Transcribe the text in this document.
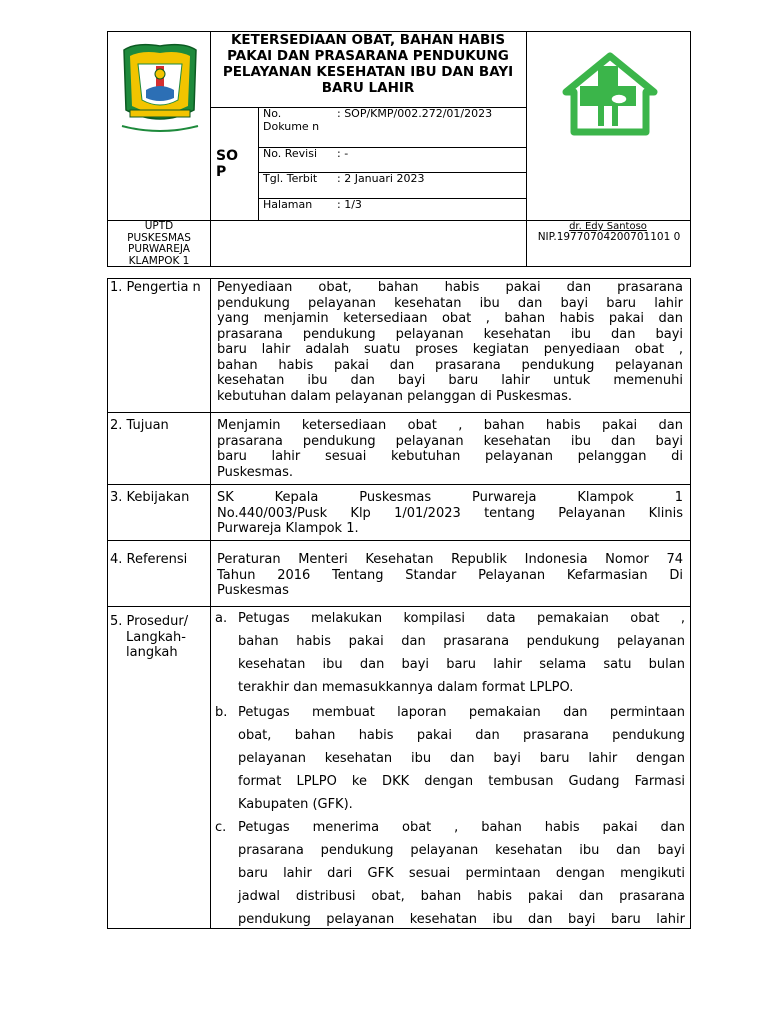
KETERSEDIAAN OBAT, BAHAN HABIS PAKAI DAN PRASARANA PENDUKUNG PELAYANAN KESEHATAN IBU DAN BAYI BARU LAHIR
SO P
No. Dokume n
: SOP/KMP/002.272/01/2023
No. Revisi	: -
Tgl. Terbit	: 2 Januari 2023
Halaman	: 1/3
UPTD PUSKESMAS PURWAREJA KLAMPOK 1
dr. Edy Santoso
NIP.19770704200701101 0
1. Pengertia n Penyediaan obat, bahan habis pakai dan prasarana
pendukung pelayanan kesehatan ibu dan bayi baru lahir
yang menjamin ketersediaan obat , bahan habis pakai dan
prasarana pendukung pelayanan kesehatan ibu dan bayi
baru lahir adalah suatu proses kegiatan penyediaan obat ,
bahan habis pakai dan prasarana pendukung pelayanan
kesehatan ibu dan bayi baru lahir untuk memenuhi
kebutuhan dalam pelayanan pelanggan di Puskesmas.
2. Tujuan	Menjamin ketersediaan obat , bahan habis pakai dan
prasarana pendukung pelayanan kesehatan ibu dan bayi
baru lahir sesuai kebutuhan pelayanan pelanggan di
Puskesmas.
3. Kebijakan	SK Kepala Puskesmas Purwareja Klampok 1
No.440/003/Pusk Klp 1/01/2023 tentang Pelayanan Klinis
Purwareja Klampok 1.
4. Referensi	Peraturan Menteri Kesehatan Republik Indonesia Nomor 74
Tahun 2016 Tentang Standar Pelayanan Kefarmasian Di
Puskesmas
5. Prosedur/
Langkah-
langkah
a. Petugas melakukan kompilasi data pemakaian obat ,
bahan habis pakai dan prasarana pendukung pelayanan
kesehatan ibu dan bayi baru lahir selama satu bulan
terakhir dan memasukkannya dalam format LPLPO.
b. Petugas membuat laporan pemakaian dan permintaan
obat, bahan habis pakai dan prasarana pendukung
pelayanan kesehatan ibu dan bayi baru lahir dengan
format LPLPO ke DKK dengan tembusan Gudang Farmasi
Kabupaten (GFK).
c. Petugas menerima obat , bahan habis pakai dan
prasarana pendukung pelayanan kesehatan ibu dan bayi
baru lahir dari GFK sesuai permintaan dengan mengikuti
jadwal distribusi obat, bahan habis pakai dan prasarana
pendukung pelayanan kesehatan ibu dan bayi baru lahir
